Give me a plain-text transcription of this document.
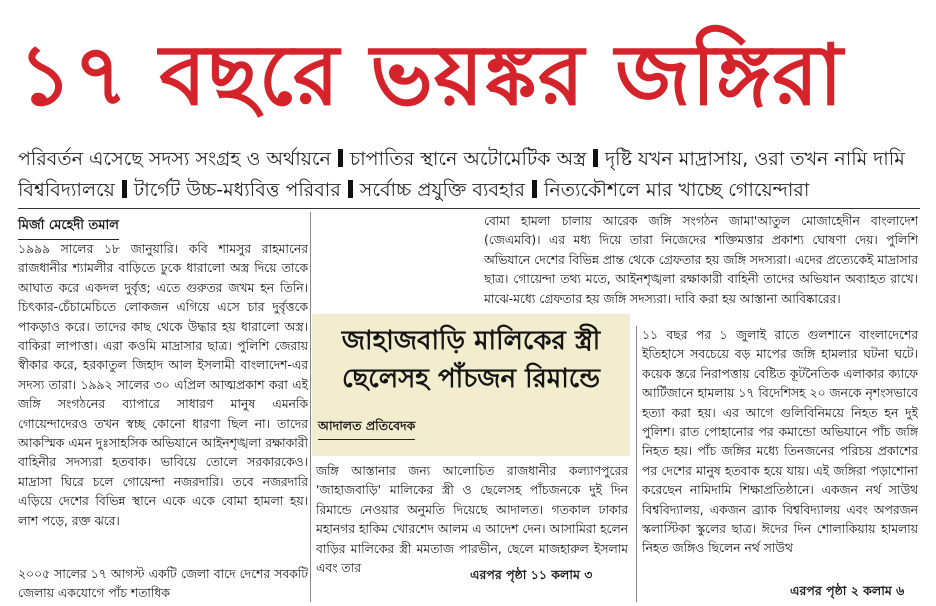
১৭ বছরে ভয়ঙ্কর জঙ্গিরা
পরিবর্তন এসেছে সদস্য সংগ্রহ ও অর্থায়নে চাপাতির স্থানে অটোমেটিক অস্ত্র দৃষ্টি যখন মাদ্রাসায়, ওরা তখন নামি দামি বিশ্ববিদ্যালয়ে টার্গেট উচ্চ-মধ্যবিত্ত পরিবার সর্বোচ্চ প্রযুক্তি ব্যবহার নিত্যকৌশলে মার খাচ্ছে গোয়েন্দারা
মির্জা মেহেদী তমাল

১৯৯৯ সালের ১৮ জানুয়ারি। কবি শামসুর রাহমানের রাজধানীর শ্যামলীর বাড়িতে ঢুকে ধারালো অস্ত্র দিয়ে তাকে আঘাত করে একদল দুর্বৃত্ত; এতে গুরুতর জখম হন তিনি। চিৎকার-চেঁচামেচিতে লোকজন এগিয়ে এসে চার দুর্বৃত্তকে পাকড়াও করে। তাদের কাছ থেকে উদ্ধার হয় ধারালো অস্ত্র। বাকিরা লাপাত্তা। এরা কওমি মাদ্রাসার ছাত্র। পুলিশি জেরায় স্বীকার করে, হরকাতুল জিহাদ আল ইসলামী বাংলাদেশ-এর সদস্য তারা। ১৯৯২ সালের ৩০ এপ্রিল আত্মপ্রকাশ করা এই জঙ্গি সংগঠনের ব্যাপারে সাধারণ মানুষ এমনকি গোয়েন্দাদেরও তখন স্বচ্ছ কোনো ধারণা ছিল না। তাদের আকস্মিক এমন দুঃসাহসিক অভিযানে আইনশৃঙ্খলা রক্ষাকারী বাহিনীর সদস্যরা হতবাক। ভাবিয়ে তোলে সরকারকেও। মাদ্রাসা ঘিরে চলে গোয়েন্দা নজরদারি। তবে নজরদারি এড়িয়ে দেশের বিভিন্ন স্থানে একে একে বোমা হামলা হয়। লাশ পড়ে, রক্ত ঝরে।

২০০৫ সালের ১৭ আগস্ট একটি জেলা বাদে দেশের সবকটি জেলায় একযোগে পাঁচ শতাধিক

বোমা হামলা চালায় আরেক জঙ্গি সংগঠন জামা'আতুল মোজাহেদীন বাংলাদেশ (জেএমবি)। এর মধ্য দিয়ে তারা নিজেদের শক্তিমত্তার প্রকাশ্য ঘোষণা দেয়। পুলিশি অভিযানে দেশের বিভিন্ন প্রান্ত থেকে গ্রেফতার হয় জঙ্গি সদস্যরা। এদের প্রত্যেকেই মাদ্রাসার ছাত্র। গোয়েন্দা তথ্য মতে, আইনশৃঙ্খলা রক্ষাকারী বাহিনী তাদের অভিযান অব্যাহত রাখে। মাঝে-মধ্যে গ্রেফতার হয় জঙ্গি সদস্যরা। দাবি করা হয় আস্তানা আবিষ্কারের।

১১ বছর পর ১ জুলাই রাতে গুলশানে বাংলাদেশের ইতিহাসে সবচেয়ে বড় মাপের জঙ্গি হামলার ঘটনা ঘটে। কয়েক স্তরে নিরাপত্তায় বেষ্টিত কূটনৈতিক এলাকার ক্যাফে আর্টিজানে হামলায় ১৭ বিদেশিসহ ২০ জনকে নৃশংসভাবে হত্যা করা হয়। এর আগে গুলিবিনিময়ে নিহত হন দুই পুলিশ। রাত পোহানোর পর কমান্ডো অভিযানে পাঁচ জঙ্গি নিহত হয়। পাঁচ জঙ্গির মধ্যে তিনজনের পরিচয় প্রকাশের পর দেশের মানুষ হতবাক হয়ে যায়। এই জঙ্গিরা পড়াশোনা করেছেন নামিদামি শিক্ষাপ্রতিষ্ঠানে। একজন নর্থ সাউথ বিশ্ববিদ্যালয়, একজন ব্র্যাক বিশ্ববিদ্যালয় এবং অপরজন স্কলাস্টিকা স্কুলের ছাত্র। ঈদের দিন শোলাকিয়ায় হামলায় নিহত জঙ্গিও ছিলেন নর্থ সাউথ

এরপর পৃষ্ঠা ২ কলাম ৬
জাহাজবাড়ি মালিকের স্ত্রী ছেলেসহ পাঁচজন রিমান্ডে
আদালত প্রতিবেদক

জঙ্গি আস্তানার জন্য আলোচিত রাজধানীর কল্যাণপুরের 'জাহাজবাড়ি' মালিকের স্ত্রী ও ছেলেসহ পাঁচজনকে দুই দিন রিমান্ডে নেওয়ার অনুমতি দিয়েছে আদালত। গতকাল ঢাকার মহানগর হাকিম খোরশেদ আলম এ আদেশ দেন। আসামিরা হলেন বাড়ির মালিকের স্ত্রী মমতাজ পারভীন, ছেলে মাজহারুল ইসলাম এবং তার	এরপর পৃষ্ঠা ১১ কলাম ৩
